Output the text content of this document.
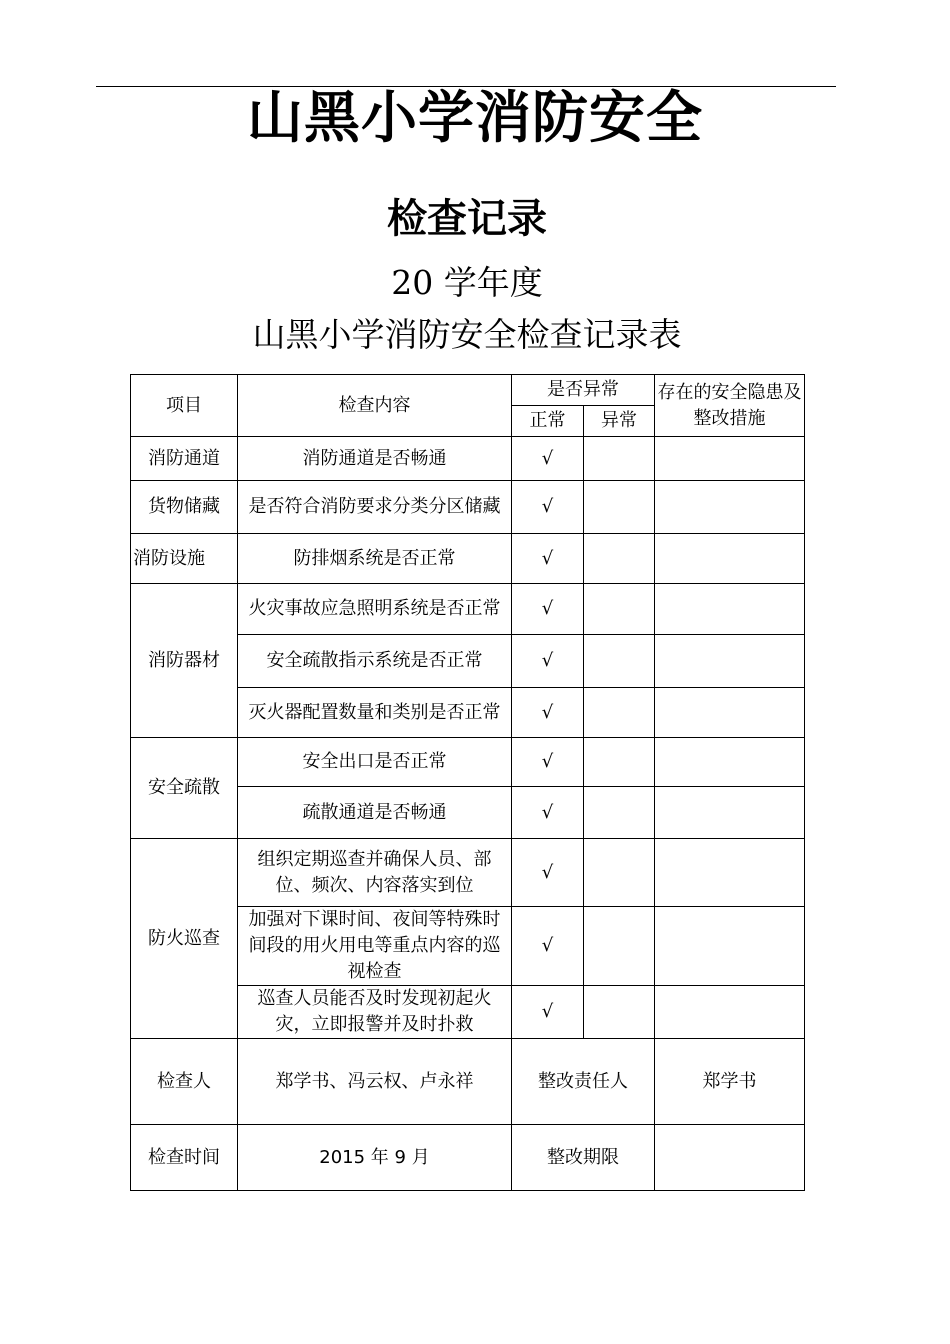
山黑小学消防安全
检查记录
20 学年度
山黑小学消防安全检查记录表
项目	检查内容	是否异常		存在的安全隐患及整改措施
		正常	异常	
消防通道	消防通道是否畅通	√		
货物储藏	是否符合消防要求分类分区储藏	√		
消防设施	防排烟系统是否正常	√		
消防器材	火灾事故应急照明系统是否正常	√		
	安全疏散指示系统是否正常	√		
	灭火器配置数量和类别是否正常	√		
安全疏散	安全出口是否正常	√		
	疏散通道是否畅通	√		
防火巡查	组织定期巡查并确保人员、部位、频次、内容落实到位	√		
	加强对下课时间、夜间等特殊时间段的用火用电等重点内容的巡视检查	√		
	巡查人员能否及时发现初起火灾，立即报警并及时扑救	√		
检查人	郑学书、冯云权、卢永祥	整改责任人		郑学书
检查时间	2015 年 9 月	整改期限		
